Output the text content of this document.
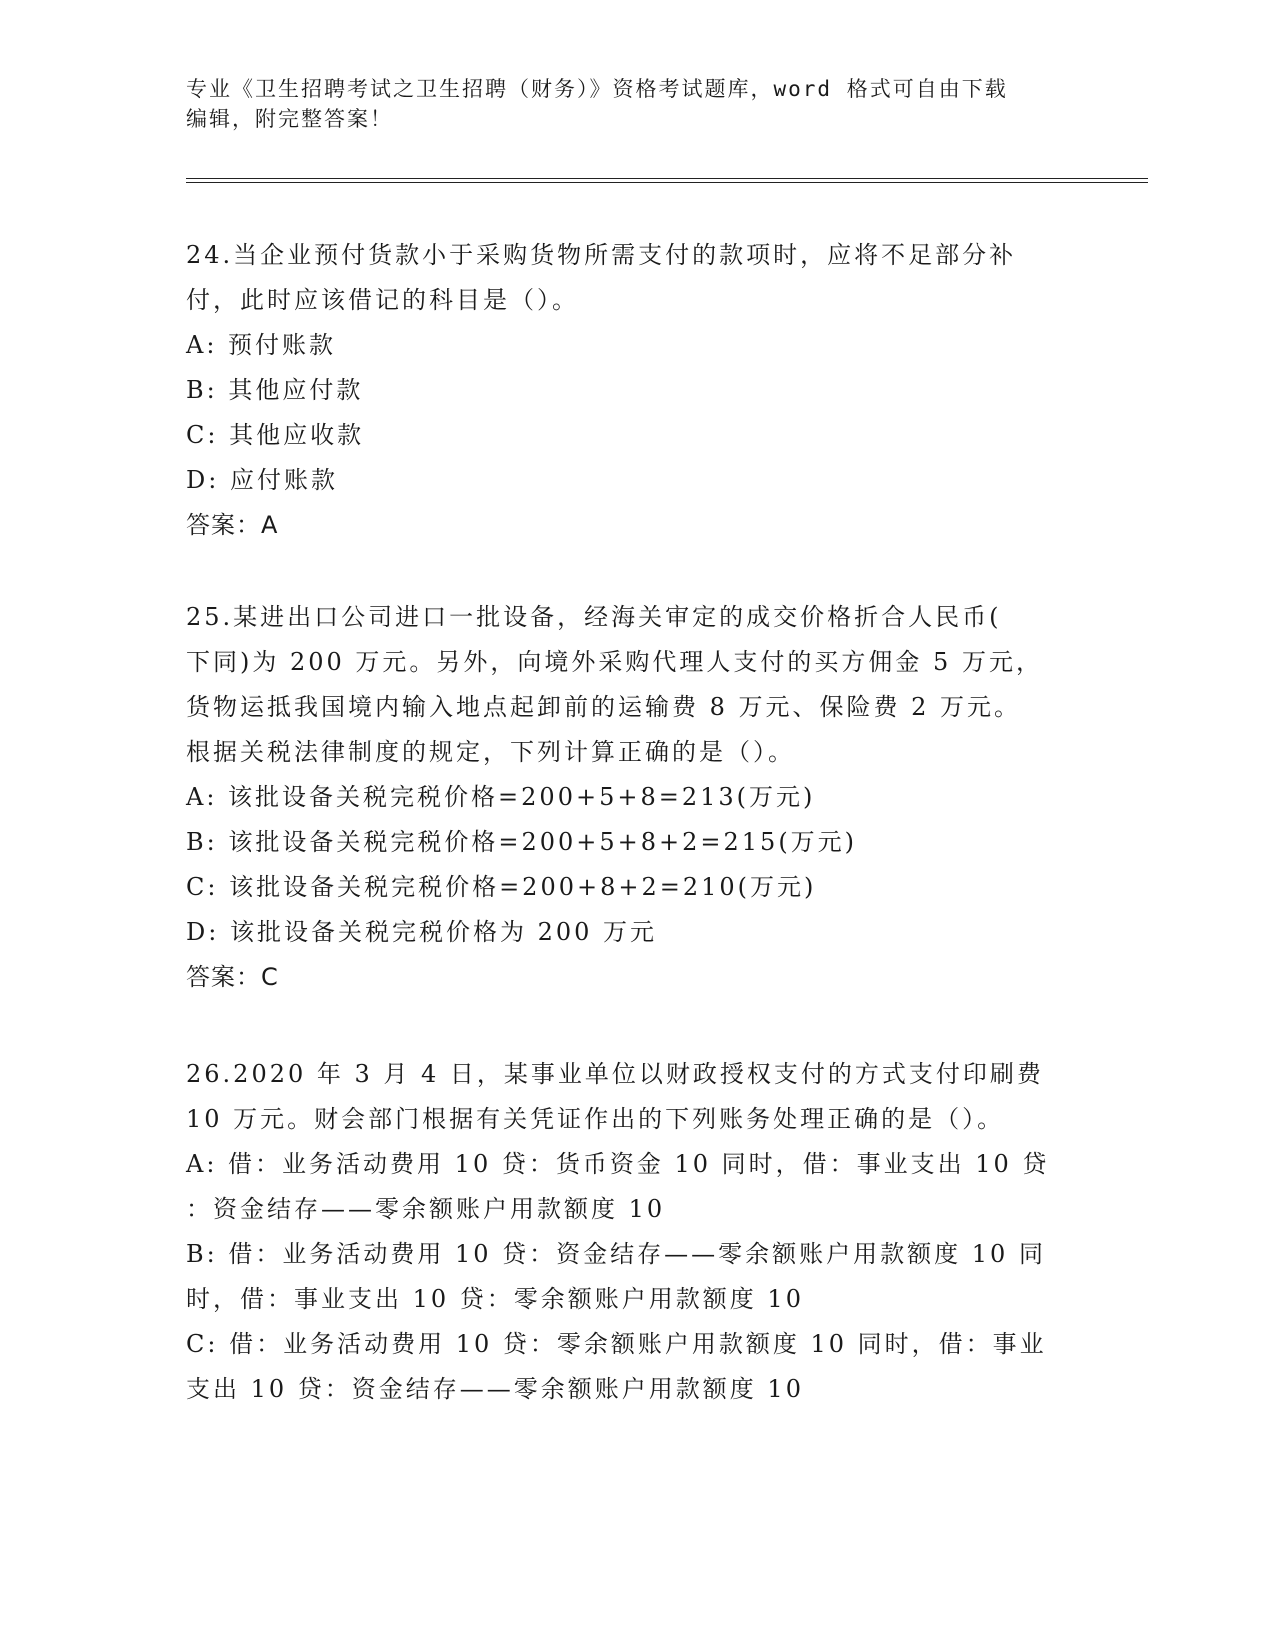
专业《卫生招聘考试之卫生招聘（财务）》资格考试题库，word 格式可自由下载
编辑，附完整答案！
24.当企业预付货款小于采购货物所需支付的款项时，应将不足部分补
付，此时应该借记的科目是（）。
A: 预付账款
B: 其他应付款
C: 其他应收款
D: 应付账款
答案：A
25.某进出口公司进口一批设备，经海关审定的成交价格折合人民币(
下同)为 200 万元。另外，向境外采购代理人支付的买方佣金 5 万元，
货物运抵我国境内输入地点起卸前的运输费 8 万元、保险费 2 万元。
根据关税法律制度的规定，下列计算正确的是（）。
A: 该批设备关税完税价格=200+5+8=213(万元)
B: 该批设备关税完税价格=200+5+8+2=215(万元)
C: 该批设备关税完税价格=200+8+2=210(万元)
D: 该批设备关税完税价格为 200 万元
答案：C
26.2020 年 3 月 4 日，某事业单位以财政授权支付的方式支付印刷费
10 万元。财会部门根据有关凭证作出的下列账务处理正确的是（）。
A: 借：业务活动费用 10 贷：货币资金 10 同时，借：事业支出 10 贷
：资金结存——零余额账户用款额度 10
B: 借：业务活动费用 10 贷：资金结存——零余额账户用款额度 10 同
时，借：事业支出 10 贷：零余额账户用款额度 10
C: 借：业务活动费用 10 贷：零余额账户用款额度 10 同时，借：事业
支出 10 贷：资金结存——零余额账户用款额度 10
